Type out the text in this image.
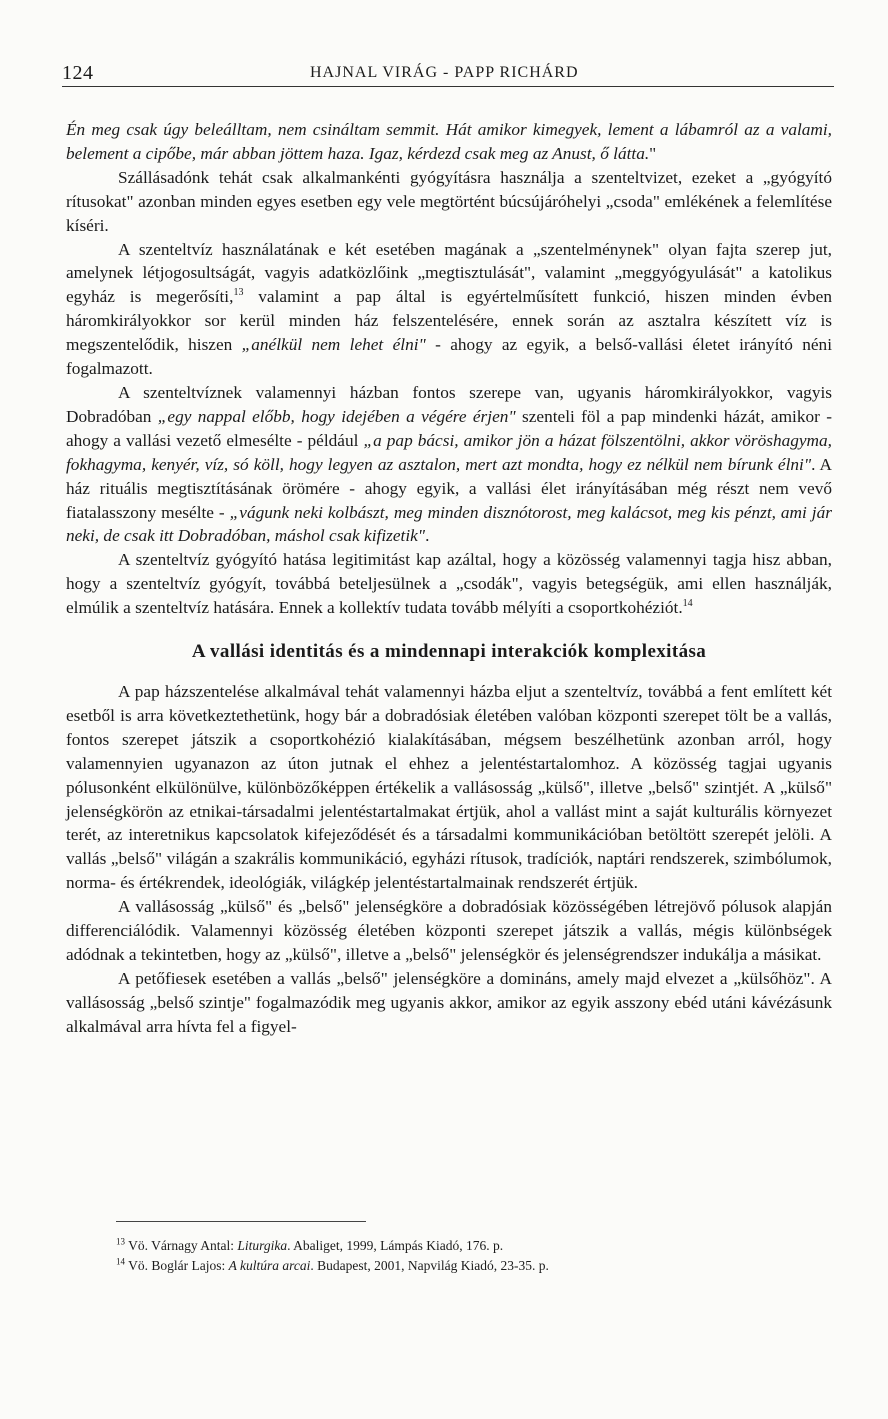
124	HAJNAL VIRÁG - PAPP RICHÁRD

Én meg csak úgy beleálltam, nem csináltam semmit. Hát amikor kimegyek, lement a lábamról az a valami, belement a cipőbe, már abban jöttem haza. Igaz, kérdezd csak meg az Anust, ő látta."

Szállásadónk tehát csak alkalmankénti gyógyításra használja a szenteltvizet, ezeket a „gyógyító rítusokat" azonban minden egyes esetben egy vele megtörtént búcsújáróhelyi „csoda" emlékének a felemlítése kíséri.

A szenteltvíz használatának e két esetében magának a „szentelménynek" olyan fajta szerep jut, amelynek létjogosultságát, vagyis adatközlőink „megtisztulását", valamint „meggyógyulását" a katolikus egyház is megerősíti,$^{13}$ valamint a pap által is egyértelműsített funkció, hiszen minden évben háromkirályokkor sor kerül minden ház felszentelésére, ennek során az asztalra készített víz is megszentelődik, hiszen „anélkül nem lehet élni" - ahogy az egyik, a belső-vallási életet irányító néni fogalmazott.

A szenteltvíznek valamennyi házban fontos szerepe van, ugyanis háromkirályokkor, vagyis Dobradóban „egy nappal előbb, hogy idejében a végére érjen" szenteli föl a pap mindenki házát, amikor - ahogy a vallási vezető elmesélte - például „a pap bácsi, amikor jön a házat fölszentölni, akkor vöröshagyma, fokhagyma, kenyér, víz, só köll, hogy legyen az asztalon, mert azt mondta, hogy ez nélkül nem bírunk élni". A ház rituális megtisztításának örömére - ahogy egyik, a vallási élet irányításában még részt nem vevő fiatalasszony mesélte - „vágunk neki kolbászt, meg minden disznótorost, meg kalácsot, meg kis pénzt, ami jár neki, de csak itt Dobradóban, máshol csak kifizetik".

A szenteltvíz gyógyító hatása legitimitást kap azáltal, hogy a közösség valamennyi tagja hisz abban, hogy a szenteltvíz gyógyít, továbbá beteljesülnek a „csodák", vagyis betegségük, ami ellen használják, elmúlik a szenteltvíz hatására. Ennek a kollektív tudata tovább mélyíti a csoportkohéziót.$^{14}$

A vallási identitás és a mindennapi interakciók komplexitása

A pap házszentelése alkalmával tehát valamennyi házba eljut a szenteltvíz, továbbá a fent említett két esetből is arra következtethetünk, hogy bár a dobradósiak életében valóban központi szerepet tölt be a vallás, fontos szerepet játszik a csoportkohézió kialakításában, mégsem beszélhetünk azonban arról, hogy valamennyien ugyanazon az úton jutnak el ehhez a jelentéstartalomhoz. A közösség tagjai ugyanis pólusonként elkülönülve, különbözőképpen értékelik a vallásosság „külső", illetve „belső" szintjét. A „külső" jelenségkörön az etnikai-társadalmi jelentéstartalmakat értjük, ahol a vallást mint a saját kulturális környezet terét, az interetnikus kapcsolatok kifejeződését és a társadalmi kommunikációban betöltött szerepét jelöli. A vallás „belső" világán a szakrális kommunikáció, egyházi rítusok, tradíciók, naptári rendszerek, szimbólumok, norma- és értékrendek, ideológiák, világkép jelentéstartalmainak rendszerét értjük.

A vallásosság „külső" és „belső" jelenségköre a dobradósiak közösségében létrejövő pólusok alapján differenciálódik. Valamennyi közösség életében központi szerepet játszik a vallás, mégis különbségek adódnak a tekintetben, hogy az „külső", illetve a „belső" jelenségkör és jelenségrendszer indukálja a másikat.

A petőfiesek esetében a vallás „belső" jelenségköre a domináns, amely majd elvezet a „külsőhöz". A vallásosság „belső szintje" fogalmazódik meg ugyanis akkor, amikor az egyik asszony ebéd utáni kávézásunk alkalmával arra hívta fel a figyel-

$^{13}$ Vö. Várnagy Antal: Liturgika. Abaliget, 1999, Lámpás Kiadó, 176. p.
$^{14}$ Vö. Boglár Lajos: A kultúra arcai. Budapest, 2001, Napvilág Kiadó, 23-35. p.
